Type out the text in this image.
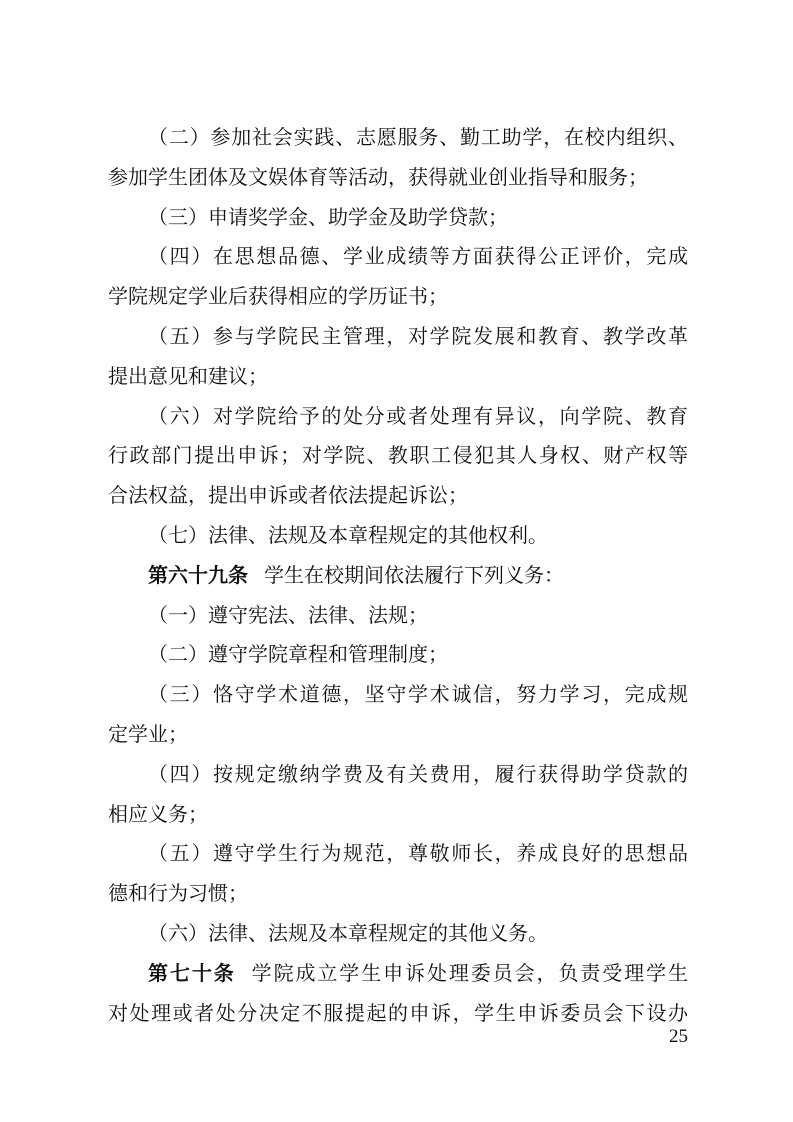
（二）参加社会实践、志愿服务、勤工助学，在校内组织、
参加学生团体及文娱体育等活动，获得就业创业指导和服务；
（三）申请奖学金、助学金及助学贷款；
（四）在思想品德、学业成绩等方面获得公正评价，完成
学院规定学业后获得相应的学历证书；
（五）参与学院民主管理，对学院发展和教育、教学改革
提出意见和建议；
（六）对学院给予的处分或者处理有异议，向学院、教育
行政部门提出申诉；对学院、教职工侵犯其人身权、财产权等
合法权益，提出申诉或者依法提起诉讼；
（七）法律、法规及本章程规定的其他权利。
第六十九条 学生在校期间依法履行下列义务：
（一）遵守宪法、法律、法规；
（二）遵守学院章程和管理制度；
（三）恪守学术道德，坚守学术诚信，努力学习，完成规
定学业；
（四）按规定缴纳学费及有关费用，履行获得助学贷款的
相应义务；
（五）遵守学生行为规范，尊敬师长，养成良好的思想品
德和行为习惯；
（六）法律、法规及本章程规定的其他义务。
第七十条 学院成立学生申诉处理委员会，负责受理学生
对处理或者处分决定不服提起的申诉，学生申诉委员会下设办
25
